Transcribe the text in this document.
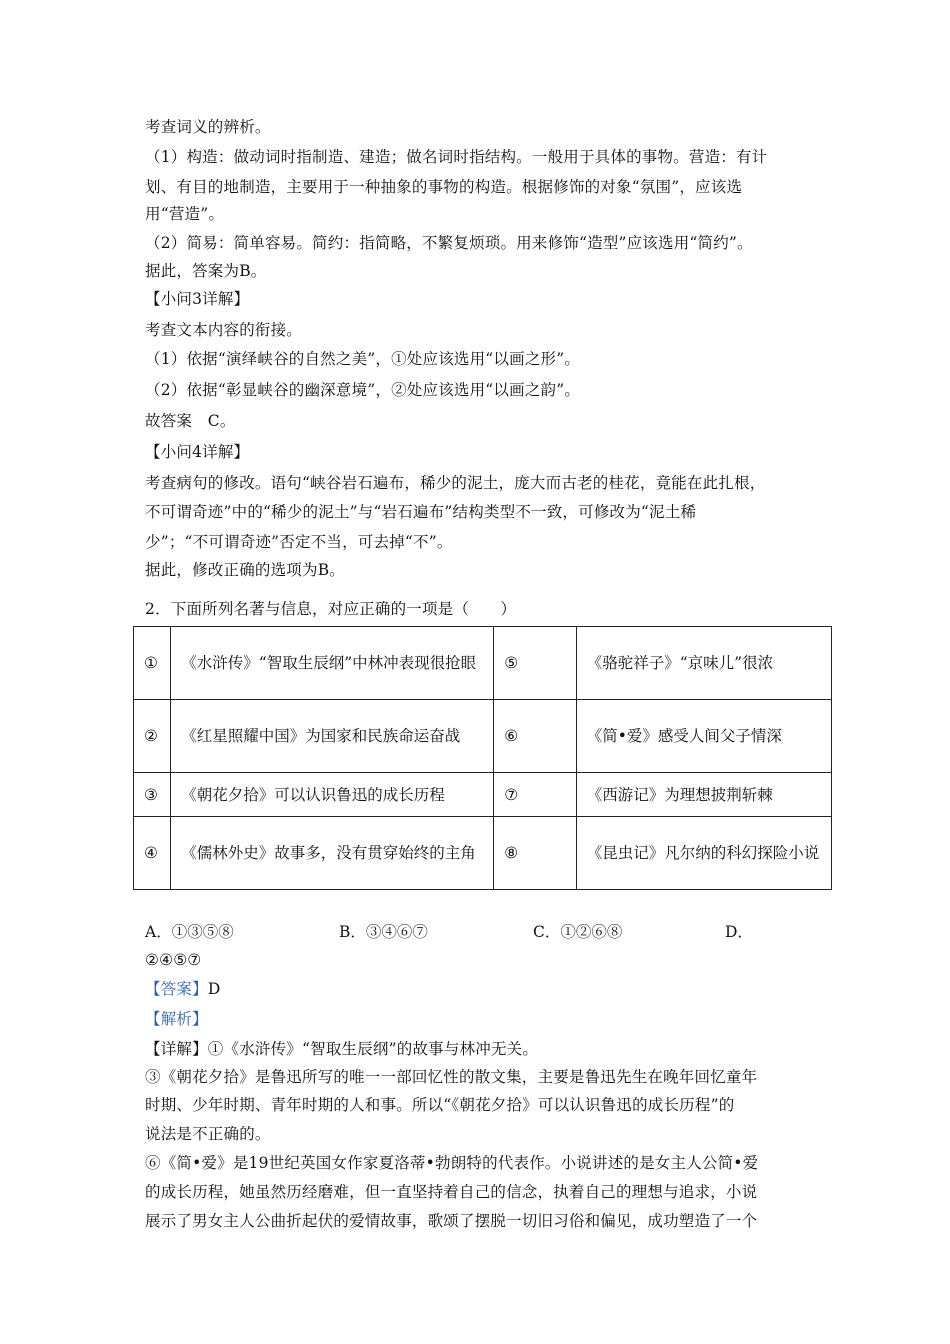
考查词义的辨析。
（1）构造：做动词时指制造、建造；做名词时指结构。一般用于具体的事物。营造：有计
划、有目的地制造，主要用于一种抽象的事物的构造。根据修饰的对象“氛围”，应该选
用“营造”。
（2）简易：简单容易。简约：指简略，不繁复烦琐。用来修饰“造型”应该选用“简约”。
据此，答案为B。
【小问3详解】
考查文本内容的衔接。
（1）依据“演绎峡谷的自然之美”，①处应该选用“以画之形”。
（2）依据“彰显峡谷的幽深意境”，②处应该选用“以画之韵”。
故答案　C。
【小问4详解】
考查病句的修改。语句“峡谷岩石遍布，稀少的泥土，庞大而古老的桂花，竟能在此扎根，
不可谓奇迹”中的“稀少的泥土”与“岩石遍布”结构类型不一致，可修改为“泥土稀
少”；“不可谓奇迹”否定不当，可去掉“不”。
据此，修改正确的选项为B。
2．下面所列名著与信息，对应正确的一项是（　　）
①	《水浒传》“智取生辰纲”中林冲表现很抢眼	⑤	《骆驼祥子》“京味儿”很浓
②	《红星照耀中国》为国家和民族命运奋战	⑥	《简•爱》感受人间父子情深
③	《朝花夕拾》可以认识鲁迅的成长历程	⑦	《西游记》为理想披荆斩棘
④	《儒林外史》故事多，没有贯穿始终的主角	⑧	《昆虫记》凡尔纳的科幻探险小说
A．①③⑤⑧	B．③④⑥⑦	C．①②⑥⑧	D．
②④⑤⑦
【答案】D
【解析】
【详解】①《水浒传》“智取生辰纲”的故事与林冲无关。
③《朝花夕拾》是鲁迅所写的唯一一部回忆性的散文集，主要是鲁迅先生在晚年回忆童年
时期、少年时期、青年时期的人和事。所以“《朝花夕拾》可以认识鲁迅的成长历程”的
说法是不正确的。
⑥《简•爱》是19世纪英国女作家夏洛蒂•勃朗特的代表作。小说讲述的是女主人公简•爱
的成长历程，她虽然历经磨难，但一直坚持着自己的信念，执着自己的理想与追求，小说
展示了男女主人公曲折起伏的爱情故事，歌颂了摆脱一切旧习俗和偏见，成功塑造了一个
